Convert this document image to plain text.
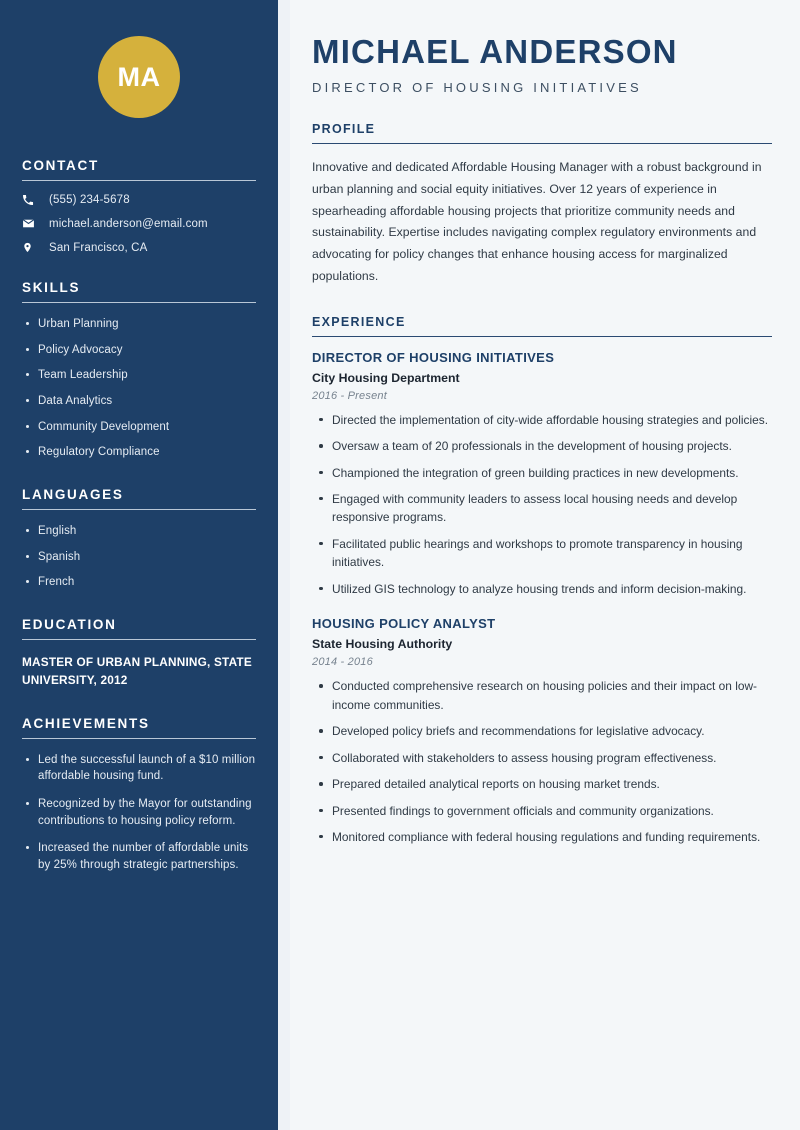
MA
CONTACT
(555) 234-5678
michael.anderson@email.com
San Francisco, CA
SKILLS
Urban Planning
Policy Advocacy
Team Leadership
Data Analytics
Community Development
Regulatory Compliance
LANGUAGES
English
Spanish
French
EDUCATION
MASTER OF URBAN PLANNING, STATE UNIVERSITY, 2012
ACHIEVEMENTS
Led the successful launch of a $10 million affordable housing fund.
Recognized by the Mayor for outstanding contributions to housing policy reform.
Increased the number of affordable units by 25% through strategic partnerships.
MICHAEL ANDERSON
DIRECTOR OF HOUSING INITIATIVES
PROFILE

Innovative and dedicated Affordable Housing Manager with a robust background in urban planning and social equity initiatives. Over 12 years of experience in spearheading affordable housing projects that prioritize community needs and sustainability. Expertise includes navigating complex regulatory environments and advocating for policy changes that enhance housing access for marginalized populations.

EXPERIENCE
DIRECTOR OF HOUSING INITIATIVES
City Housing Department
2016 - Present
Directed the implementation of city-wide affordable housing strategies and policies.
Oversaw a team of 20 professionals in the development of housing projects.
Championed the integration of green building practices in new developments.
Engaged with community leaders to assess local housing needs and develop responsive programs.
Facilitated public hearings and workshops to promote transparency in housing initiatives.
Utilized GIS technology to analyze housing trends and inform decision-making.
HOUSING POLICY ANALYST
State Housing Authority
2014 - 2016
Conducted comprehensive research on housing policies and their impact on low-income communities.
Developed policy briefs and recommendations for legislative advocacy.
Collaborated with stakeholders to assess housing program effectiveness.
Prepared detailed analytical reports on housing market trends.
Presented findings to government officials and community organizations.
Monitored compliance with federal housing regulations and funding requirements.
